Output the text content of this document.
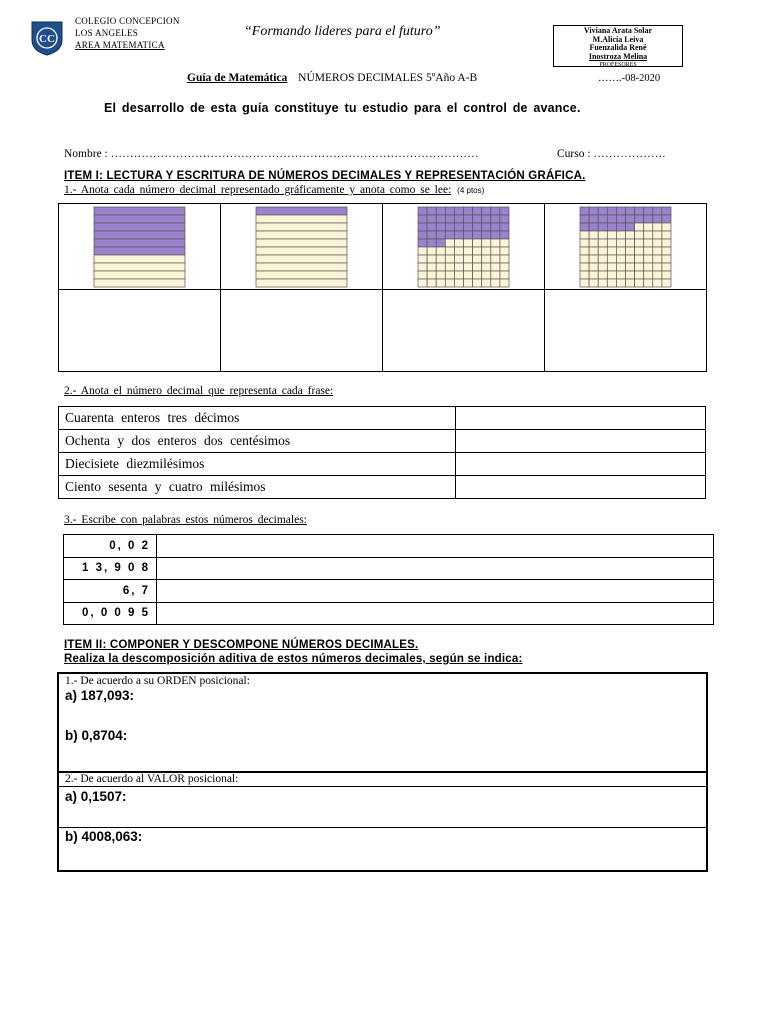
CC
COLEGIO CONCEPCION
LOS ANGELES
AREA MATEMATICA
“Formando lideres para el futuro”	Viviana Arata Solar
M.Alicia Leiva
Fuenzalida René
Inostroza Melina
PROFESORES
Guía de Matemática NÚMEROS DECIMALES 5ºAño A-B	…….-08-2020
El desarrollo de esta guía constituye tu estudio para el control de avance.
Nombre : ……………………………………………………………………………………	Curso : ……………….
ITEM I: LECTURA Y ESCRITURA DE NÚMEROS DECIMALES Y REPRESENTACIÓN GRÁFICA.
1.- Anota cada número decimal representado gráficamente y anota como se lee: (4 ptos)

2.- Anota el número decimal que representa cada frase:
Cuarenta enteros tres décimos	
Ochenta y dos enteros dos centésimos	
Diecisiete diezmilésimos	
Ciento sesenta y cuatro milésimos	
3.- Escribe con palabras estos números decimales:
0, 0 2	
1 3, 9 0 8	
6, 7	
0, 0 0 9 5	
ITEM II: COMPONER Y DESCOMPONE NÚMEROS DECIMALES.
Realiza la descomposición aditiva de estos números decimales, según se indica:
1.- De acuerdo a su ORDEN posicional:
a) 187,093:
b) 0,8704:
2.- De acuerdo al VALOR posicional:
a) 0,1507:
b) 4008,063:
